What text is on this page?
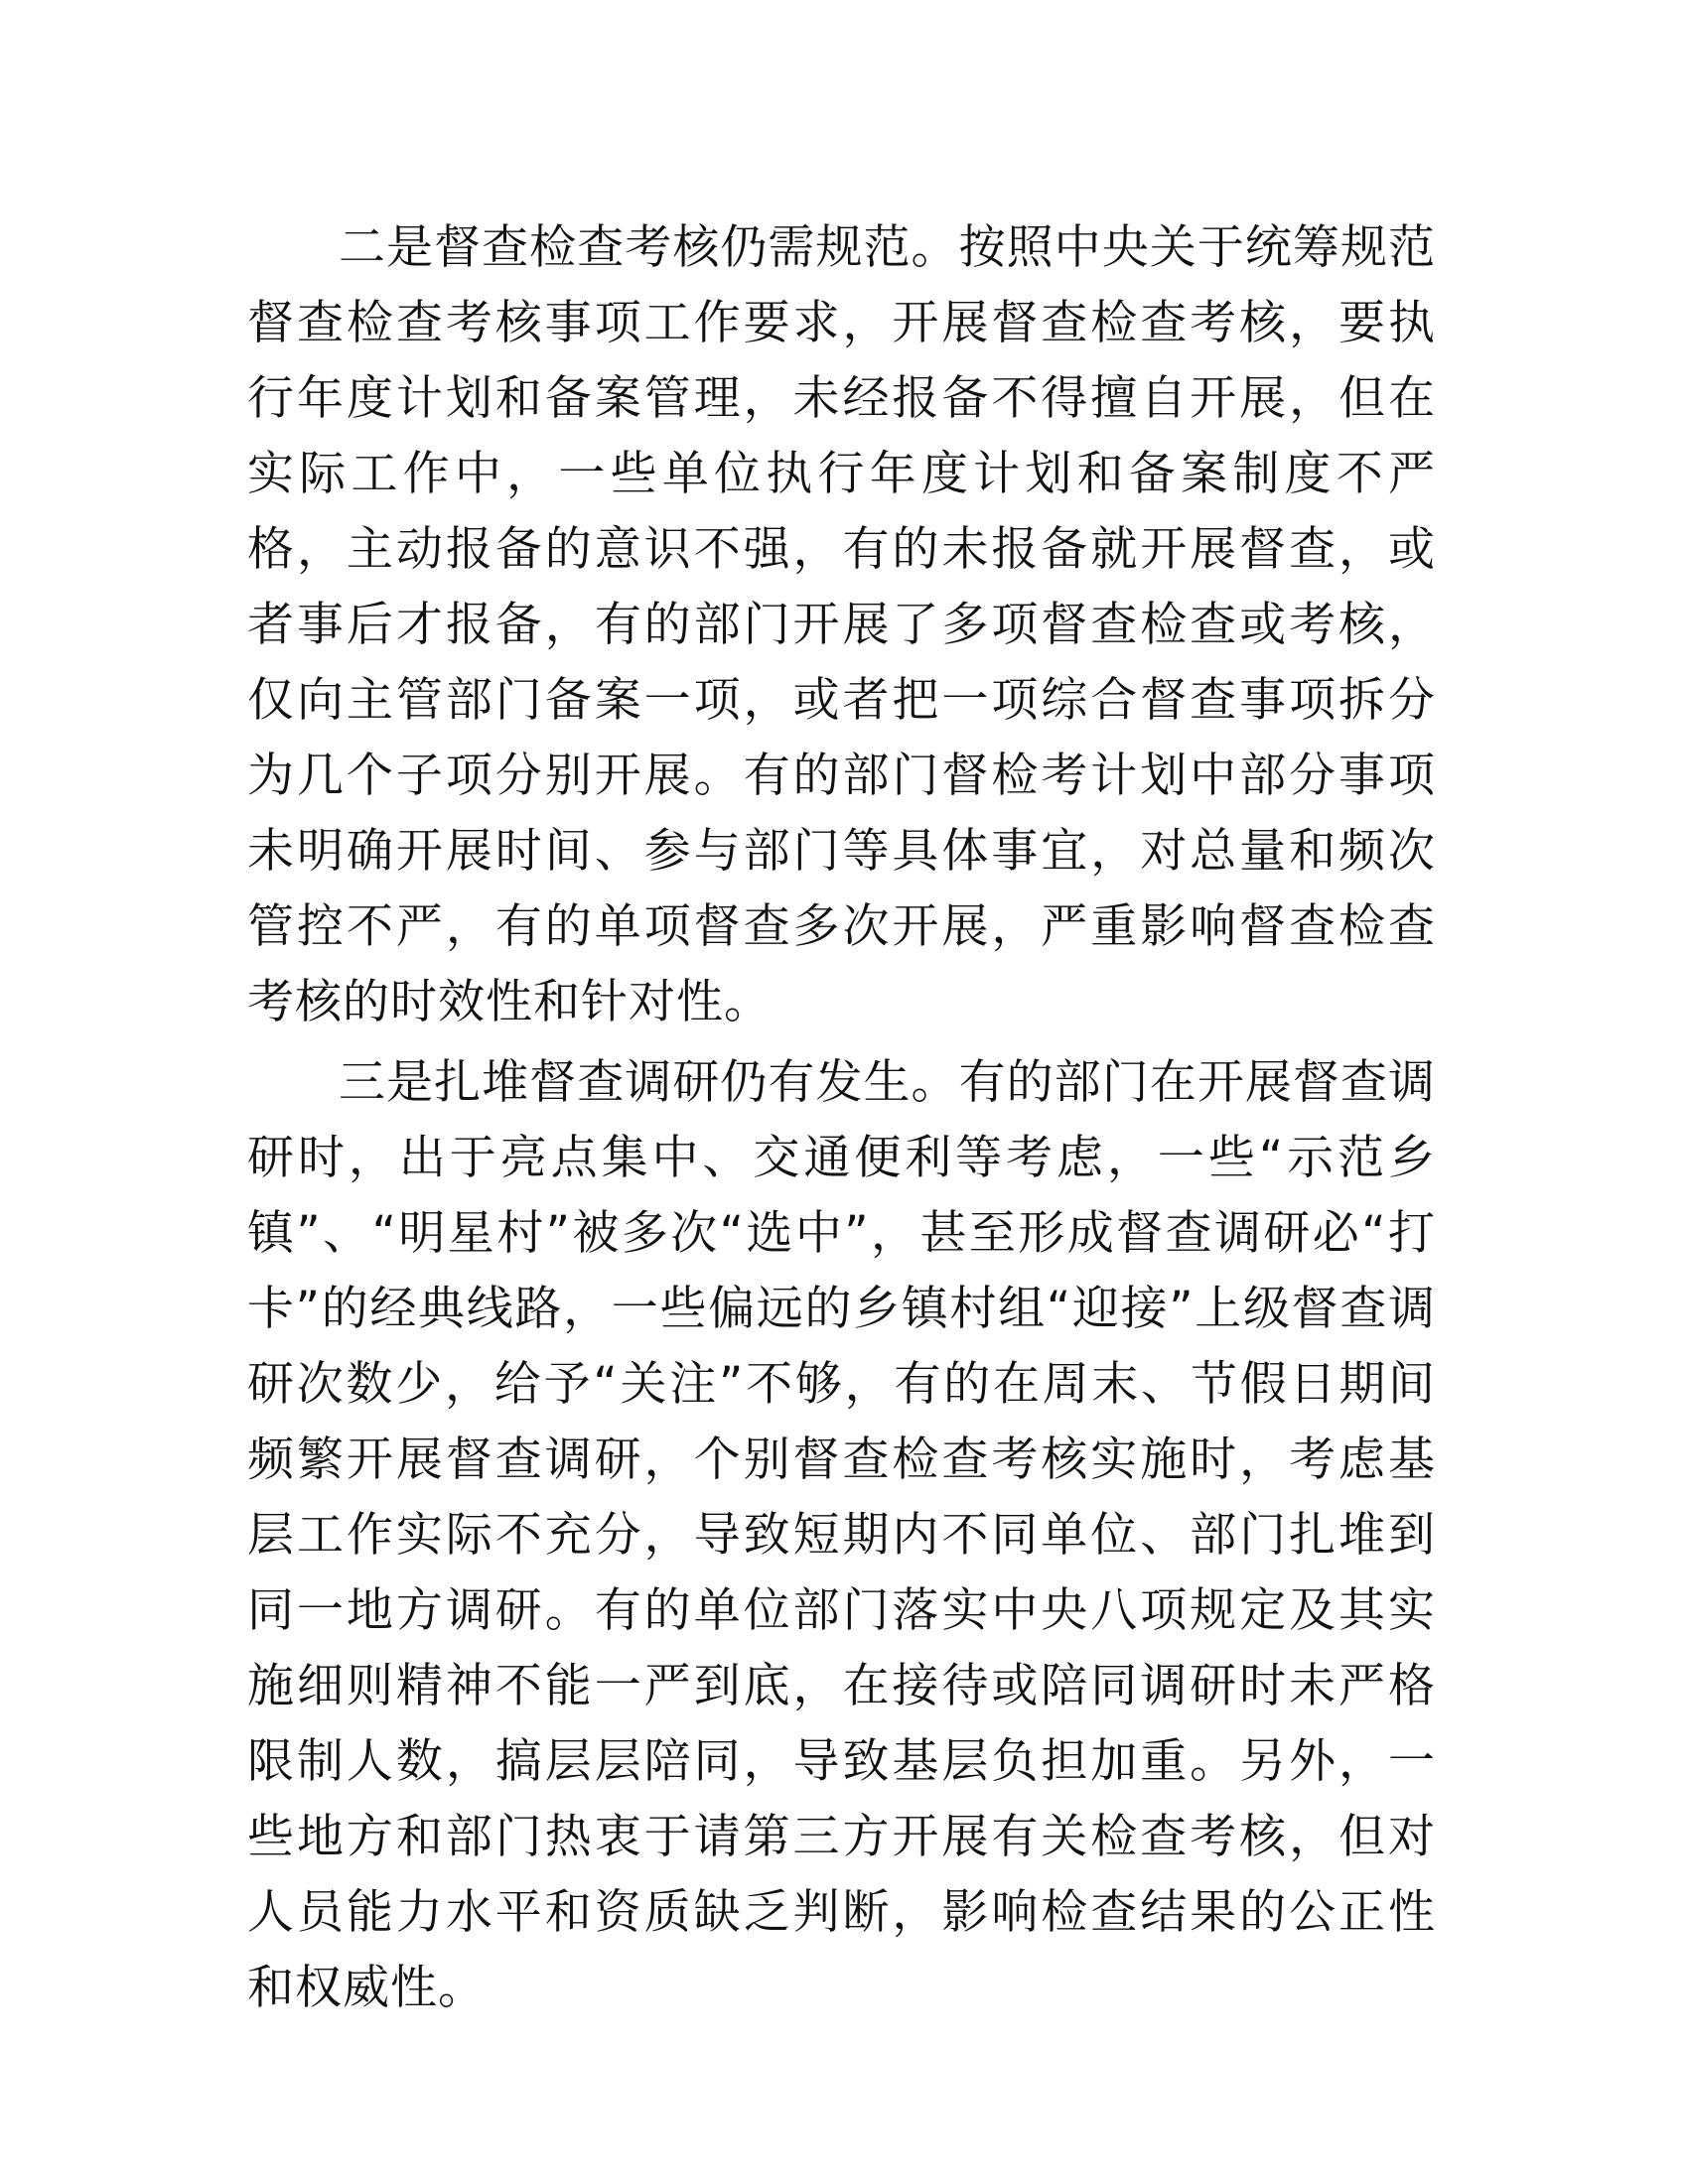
二是督查检查考核仍需规范。按照中央关于统筹规范督查检查考核事项工作要求，开展督查检查考核，要执行年度计划和备案管理，未经报备不得擅自开展，但在实际工作中，一些单位执行年度计划和备案制度不严格，主动报备的意识不强，有的未报备就开展督查，或者事后才报备，有的部门开展了多项督查检查或考核，仅向主管部门备案一项，或者把一项综合督查事项拆分为几个子项分别开展。有的部门督检考计划中部分事项未明确开展时间、参与部门等具体事宜，对总量和频次管控不严，有的单项督查多次开展，严重影响督查检查考核的时效性和针对性。

三是扎堆督查调研仍有发生。有的部门在开展督查调研时，出于亮点集中、交通便利等考虑，一些“示范乡镇”、“明星村”被多次“选中”，甚至形成督查调研必“打卡”的经典线路，一些偏远的乡镇村组“迎接”上级督查调研次数少，给予“关注”不够，有的在周末、节假日期间频繁开展督查调研，个别督查检查考核实施时，考虑基层工作实际不充分，导致短期内不同单位、部门扎堆到同一地方调研。有的单位部门落实中央八项规定及其实施细则精神不能一严到底，在接待或陪同调研时未严格限制人数，搞层层陪同，导致基层负担加重。另外，一些地方和部门热衷于请第三方开展有关检查考核，但对人员能力水平和资质缺乏判断，影响检查结果的公正性和权威性。
